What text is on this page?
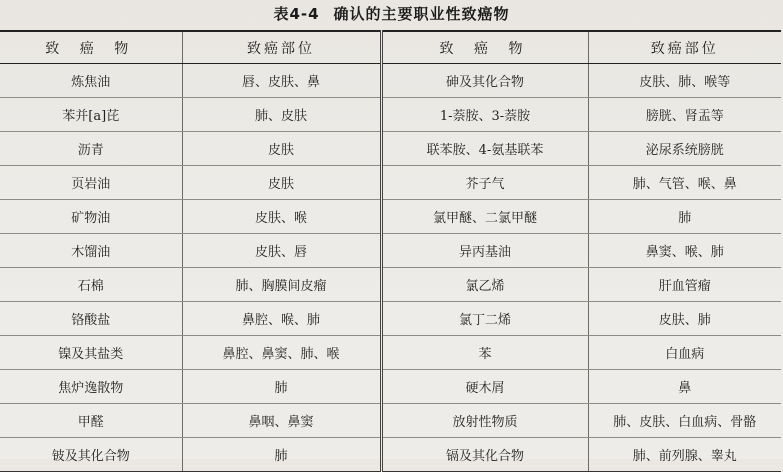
表4-4 确认的主要职业性致癌物
致 癌 物	致癌部位	致 癌 物	致癌部位
炼焦油	唇、皮肤、鼻	砷及其化合物	皮肤、肺、喉等
苯并[a]芘	肺、皮肤	1-萘胺、3-萘胺	膀胱、肾盂等
沥青	皮肤	联苯胺、4-氨基联苯	泌尿系统膀胱
页岩油	皮肤	芥子气	肺、气管、喉、鼻
矿物油	皮肤、喉	氯甲醚、二氯甲醚	肺
木馏油	皮肤、唇	异丙基油	鼻窦、喉、肺
石棉	肺、胸膜间皮瘤	氯乙烯	肝血管瘤
铬酸盐	鼻腔、喉、肺	氯丁二烯	皮肤、肺
镍及其盐类	鼻腔、鼻窦、肺、喉	苯	白血病
焦炉逸散物	肺	硬木屑	鼻
甲醛	鼻咽、鼻窦	放射性物质	肺、皮肤、白血病、骨骼
铍及其化合物	肺	镉及其化合物	肺、前列腺、睾丸
